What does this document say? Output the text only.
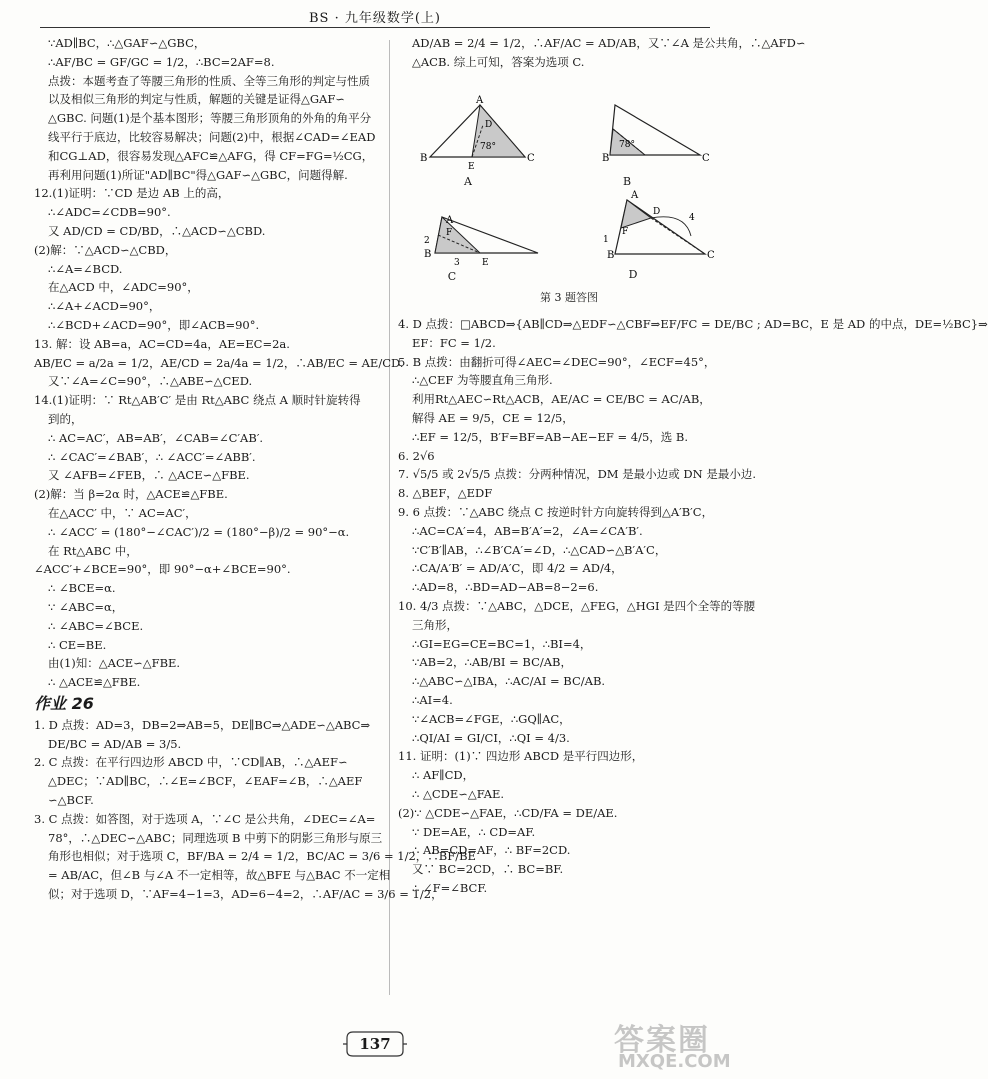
BS · 九年级数学(上)
∵AD∥BC，∴△GAF∽△GBC，
∴AF/BC = GF/GC = 1/2，∴BC=2AF=8.
点拨：本题考查了等腰三角形的性质、全等三角形的判定与性质
以及相似三角形的判定与性质，解题的关键是证得△GAF∽
△GBC. 问题(1)是个基本图形；等腰三角形顶角的外角的角平分
线平行于底边，比较容易解决；问题(2)中，根据∠CAD=∠EAD
和CG⊥AD，很容易发现△AFC≌△AFG，得 CF=FG=½CG，
再利用问题(1)所证"AD∥BC"得△GAF∽△GBC，问题得解.
12.(1)证明：∵CD 是边 AB 上的高，
∴∠ADC=∠CDB=90°.
又 AD/CD = CD/BD，∴△ACD∽△CBD.
(2)解：∵△ACD∽△CBD，
∴∠A=∠BCD.
在△ACD 中，∠ADC=90°，
∴∠A+∠ACD=90°，
∴∠BCD+∠ACD=90°，即∠ACB=90°.
13. 解：设 AB=a，AC=CD=4a，AE=EC=2a.
AB/EC = a/2a = 1/2，AE/CD = 2a/4a = 1/2，∴AB/EC = AE/CD.
又∵∠A=∠C=90°，∴△ABE∽△CED.
14.(1)证明：∵ Rt△AB′C′ 是由 Rt△ABC 绕点 A 顺时针旋转得
到的，
∴ AC=AC′，AB=AB′，∠CAB=∠C′AB′.
∴ ∠CAC′=∠BAB′，∴ ∠ACC′=∠ABB′.
又 ∠AFB=∠FEB，∴ △ACE∽△FBE.
(2)解：当 β=2α 时，△ACE≌△FBE.
在△ACC′ 中，∵ AC=AC′，
∴ ∠ACC′ = (180°−∠CAC′)/2 = (180°−β)/2 = 90°−α.
在 Rt△ABC 中，
∠ACC′+∠BCE=90°，即 90°−α+∠BCE=90°.
∴ ∠BCE=α.
∵ ∠ABC=α，
∴ ∠ABC=∠BCE.
∴ CE=BE.
由(1)知：△ACE∽△FBE.
∴ △ACE≌△FBE.
作业 26
1. D 点拨：AD=3，DB=2⇒AB=5，DE∥BC⇒△ADE∽△ABC⇒
DE/BC = AD/AB = 3/5.
2. C 点拨：在平行四边形 ABCD 中，∵CD∥AB，∴△AEF∽
△DEC；∵AD∥BC，∴∠E=∠BCF，∠EAF=∠B，∴△AEF
∽△BCF.
3. C 点拨：如答图，对于选项 A，∵∠C 是公共角，∠DEC=∠A=
78°，∴△DEC∽△ABC；同理选项 B 中剪下的阴影三角形与原三
角形也相似；对于选项 C，BF/BA = 2/4 = 1/2，BC/AC = 3/6 = 1/2，∴BF/BE
= AB/AC，但∠B 与∠A 不一定相等，故△BFE 与△BAC 不一定相
似；对于选项 D，∵AF=4−1=3，AD=6−4=2，∴AF/AC = 3/6 = 1/2，
AD/AB = 2/4 = 1/2，∴AF/AC = AD/AB，又∵∠A 是公共角，∴△AFD∽
△ACB. 综上可知，答案为选项 C.
A
B	C
D
E
78°
A
B	C
78°
B
A
F
B
E
2
3
C
A
D
F
B	C
1
4
D
第 3 题答图
4. D 点拨：□ABCD⇒{AB∥CD⇒△EDF∽△CBF⇒EF/FC = DE/BC ; AD=BC，E 是 AD 的中点，DE=½BC}⇒
EF：FC = 1/2.
5. B 点拨：由翻折可得∠AEC=∠DEC=90°，∠ECF=45°，
∴△CEF 为等腰直角三角形.
利用Rt△AEC∽Rt△ACB，AE/AC = CE/BC = AC/AB，
解得 AE = 9/5，CE = 12/5，
∴EF = 12/5，B′F=BF=AB−AE−EF = 4/5，选 B.
6. 2√6
7. √5/5 或 2√5/5 点拨：分两种情况，DM 是最小边或 DN 是最小边.
8. △BEF，△EDF
9. 6 点拨：∵△ABC 绕点 C 按逆时针方向旋转得到△A′B′C，
∴AC=CA′=4，AB=B′A′=2，∠A=∠CA′B′.
∵C′B′∥AB，∴∠B′CA′=∠D，∴△CAD∽△B′A′C，
∴CA/A′B′ = AD/A′C，即 4/2 = AD/4，
∴AD=8，∴BD=AD−AB=8−2=6.
10. 4/3 点拨：∵△ABC，△DCE，△FEG，△HGI 是四个全等的等腰
三角形，
∴GI=EG=CE=BC=1，∴BI=4，
∵AB=2，∴AB/BI = BC/AB，
∴△ABC∽△IBA，∴AC/AI = BC/AB.
∴AI=4.
∵∠ACB=∠FGE，∴GQ∥AC，
∴QI/AI = GI/CI，∴QI = 4/3.
11. 证明：(1)∵ 四边形 ABCD 是平行四边形，
∴ AF∥CD，
∴ △CDE∽△FAE.
(2)∵ △CDE∽△FAE，∴CD/FA = DE/AE.
∵ DE=AE，∴ CD=AF.
∴ AB=CD=AF，∴ BF=2CD.
又∵ BC=2CD，∴ BC=BF.
∴ ∠F=∠BCF.
137	答案圈
MXQE.COM
